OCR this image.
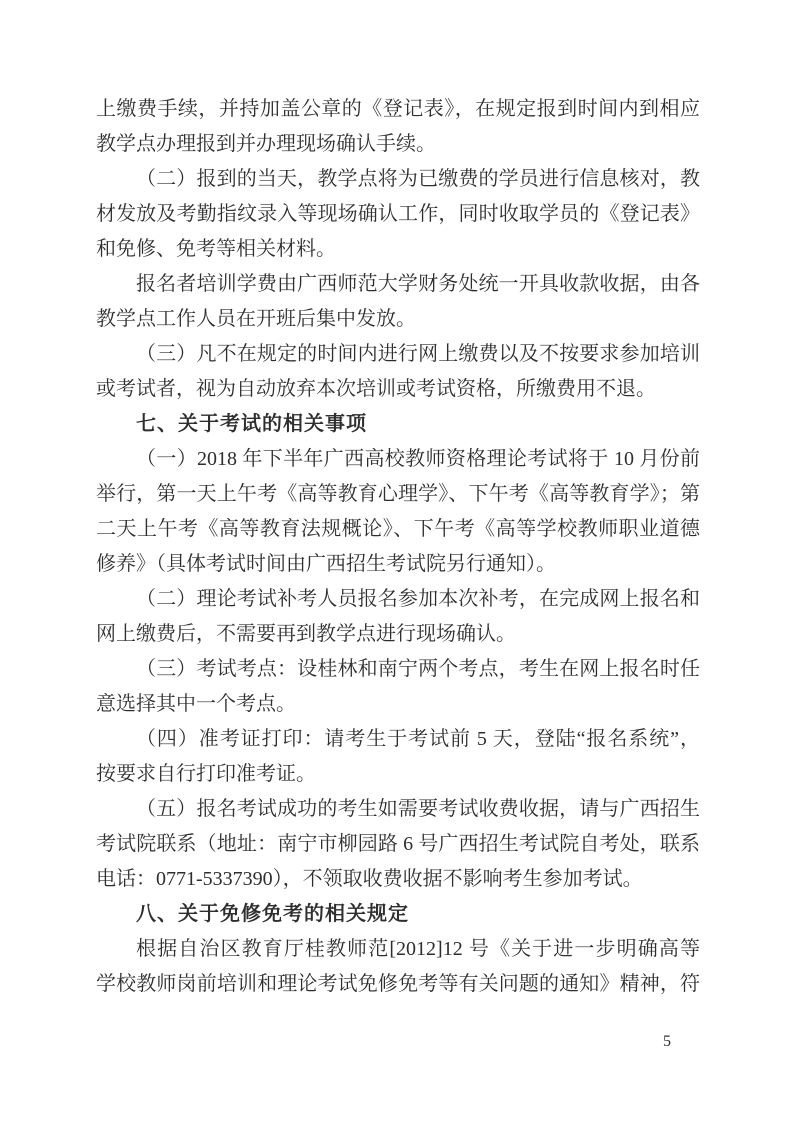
上缴费手续，并持加盖公章的《登记表》，在规定报到时间内到相应
教学点办理报到并办理现场确认手续。
（二）报到的当天，教学点将为已缴费的学员进行信息核对，教
材发放及考勤指纹录入等现场确认工作，同时收取学员的《登记表》
和免修、免考等相关材料。
报名者培训学费由广西师范大学财务处统一开具收款收据，由各
教学点工作人员在开班后集中发放。
（三）凡不在规定的时间内进行网上缴费以及不按要求参加培训
或考试者，视为自动放弃本次培训或考试资格，所缴费用不退。
七、关于考试的相关事项
（一）2018 年下半年广西高校教师资格理论考试将于 10 月份前
举行，第一天上午考《高等教育心理学》、下午考《高等教育学》；第
二天上午考《高等教育法规概论》、下午考《高等学校教师职业道德
修养》（具体考试时间由广西招生考试院另行通知）。
（二）理论考试补考人员报名参加本次补考，在完成网上报名和
网上缴费后，不需要再到教学点进行现场确认。
（三）考试考点：设桂林和南宁两个考点，考生在网上报名时任
意选择其中一个考点。
（四）准考证打印：请考生于考试前 5 天，登陆“报名系统”，
按要求自行打印准考证。
（五）报名考试成功的考生如需要考试收费收据，请与广西招生
考试院联系（地址：南宁市柳园路 6 号广西招生考试院自考处，联系
电话：0771-5337390），不领取收费收据不影响考生参加考试。
八、关于免修免考的相关规定
根据自治区教育厅桂教师范[2012]12 号《关于进一步明确高等
学校教师岗前培训和理论考试免修免考等有关问题的通知》精神，符
5
